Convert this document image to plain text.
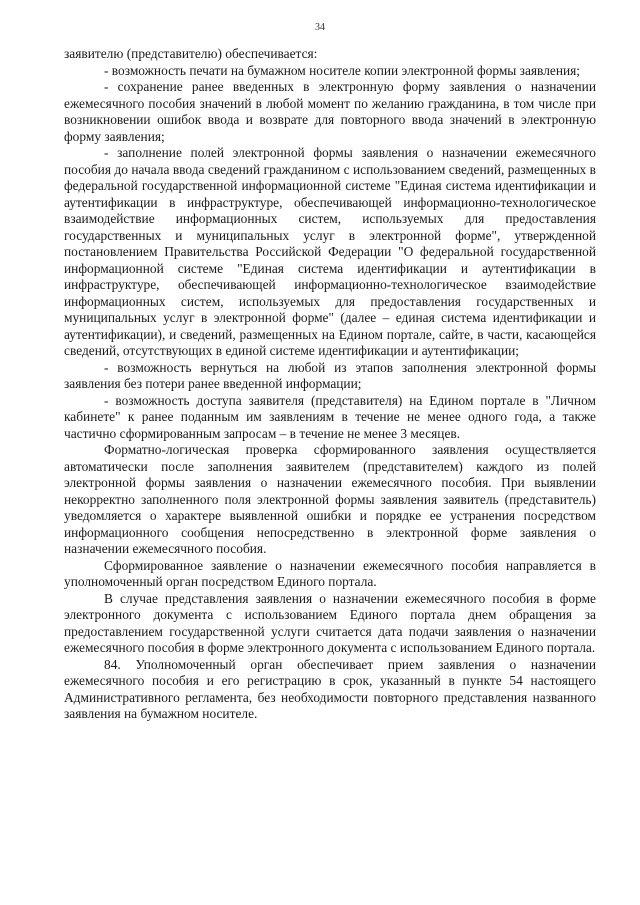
34

заявителю (представителю) обеспечивается:

- возможность печати на бумажном носителе копии электронной формы заявления;

- сохранение ранее введенных в электронную форму заявления о назначении ежемесячного пособия значений в любой момент по желанию гражданина, в том числе при возникновении ошибок ввода и возврате для повторного ввода значений в электронную форму заявления;

- заполнение полей электронной формы заявления о назначении ежемесячного пособия до начала ввода сведений гражданином с использованием сведений, размещенных в федеральной государственной информационной системе "Единая система идентификации и аутентификации в инфраструктуре, обеспечивающей информационно-технологическое взаимодействие информационных систем, используемых для предоставления государственных и муниципальных услуг в электронной форме", утвержденной постановлением Правительства Российской Федерации "О федеральной государственной информационной системе "Единая система идентификации и аутентификации в инфраструктуре, обеспечивающей информационно-технологическое взаимодействие информационных систем, используемых для предоставления государственных и муниципальных услуг в электронной форме" (далее – единая система идентификации и аутентификации), и сведений, размещенных на Едином портале, сайте, в части, касающейся сведений, отсутствующих в единой системе идентификации и аутентификации;

- возможность вернуться на любой из этапов заполнения электронной формы заявления без потери ранее введенной информации;

- возможность доступа заявителя (представителя) на Едином портале в "Личном кабинете" к ранее поданным им заявлениям в течение не менее одного года, а также частично сформированным запросам – в течение не менее 3 месяцев.

Форматно-логическая проверка сформированного заявления осуществляется автоматически после заполнения заявителем (представителем) каждого из полей электронной формы заявления о назначении ежемесячного пособия. При выявлении некорректно заполненного поля электронной формы заявления заявитель (представитель) уведомляется о характере выявленной ошибки и порядке ее устранения посредством информационного сообщения непосредственно в электронной форме заявления о назначении ежемесячного пособия.

Сформированное заявление о назначении ежемесячного пособия направляется в уполномоченный орган посредством Единого портала.

В случае представления заявления о назначении ежемесячного пособия в форме электронного документа с использованием Единого портала днем обращения за предоставлением государственной услуги считается дата подачи заявления о назначении ежемесячного пособия в форме электронного документа с использованием Единого портала.

84. Уполномоченный орган обеспечивает прием заявления о назначении ежемесячного пособия и его регистрацию в срок, указанный в пункте 54 настоящего Административного регламента, без необходимости повторного представления названного заявления на бумажном носителе.
